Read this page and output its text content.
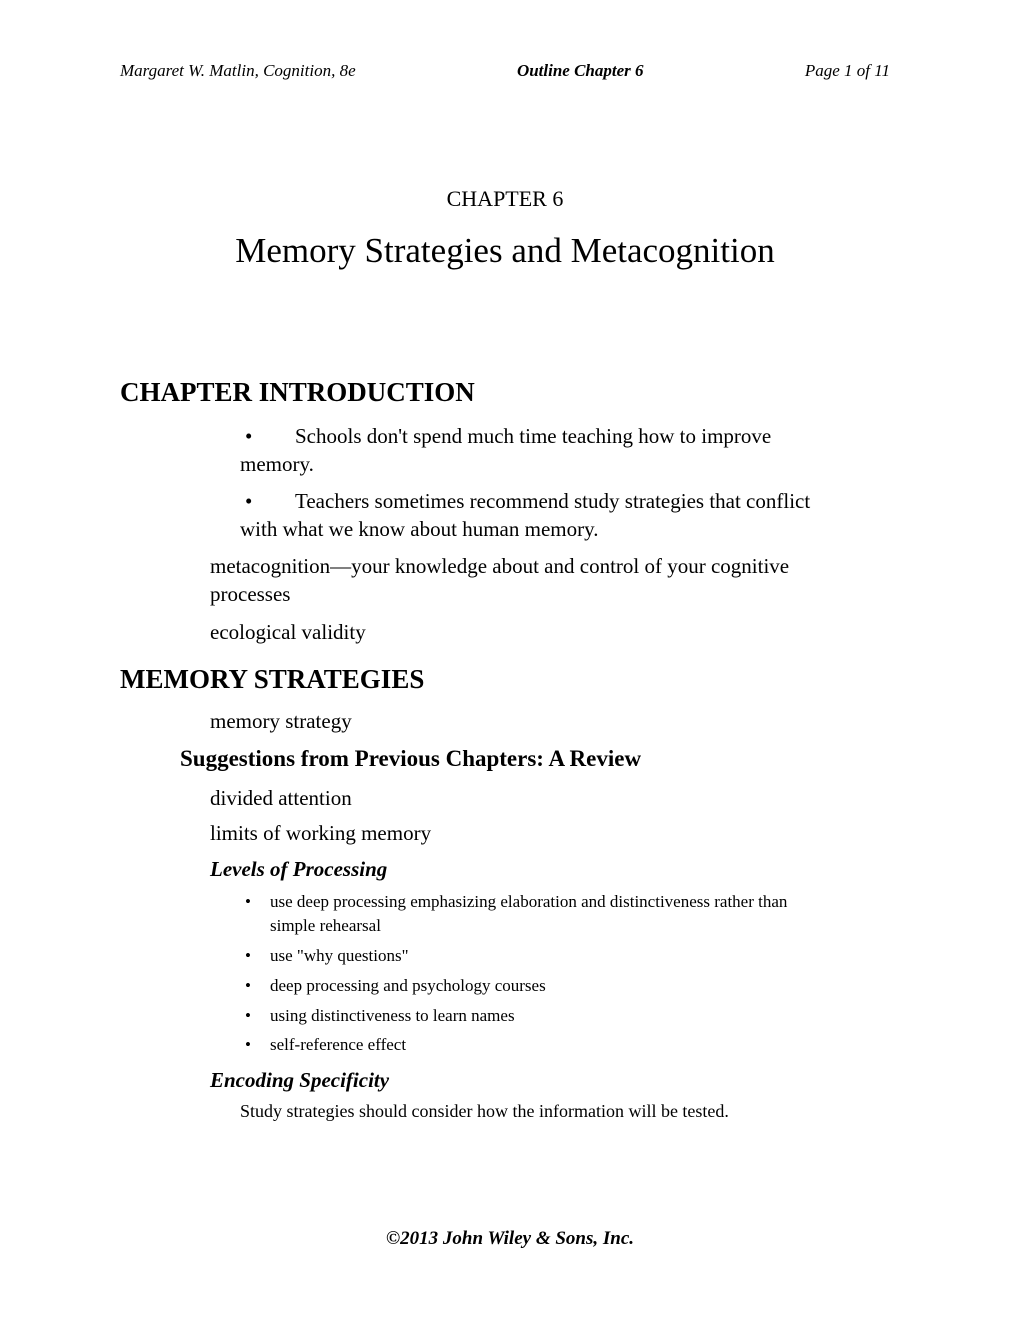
Margaret W. Matlin, Cognition, 8e	Outline Chapter 6	Page 1 of 11

CHAPTER 6

Memory Strategies and Metacognition
CHAPTER INTRODUCTION

• Schools don't spend much time teaching how to improve
memory.

• Teachers sometimes recommend study strategies that conflict
with what we know about human memory.

metacognition—your knowledge about and control of your cognitive
processes

ecological validity

MEMORY STRATEGIES

memory strategy

Suggestions from Previous Chapters: A Review

divided attention

limits of working memory

Levels of Processing

• use deep processing emphasizing elaboration and distinctiveness rather than
simple rehearsal

• use "why questions"

• deep processing and psychology courses

• using distinctiveness to learn names

• self-reference effect

Encoding Specificity

Study strategies should consider how the information will be tested.

©2013 John Wiley & Sons, Inc.
